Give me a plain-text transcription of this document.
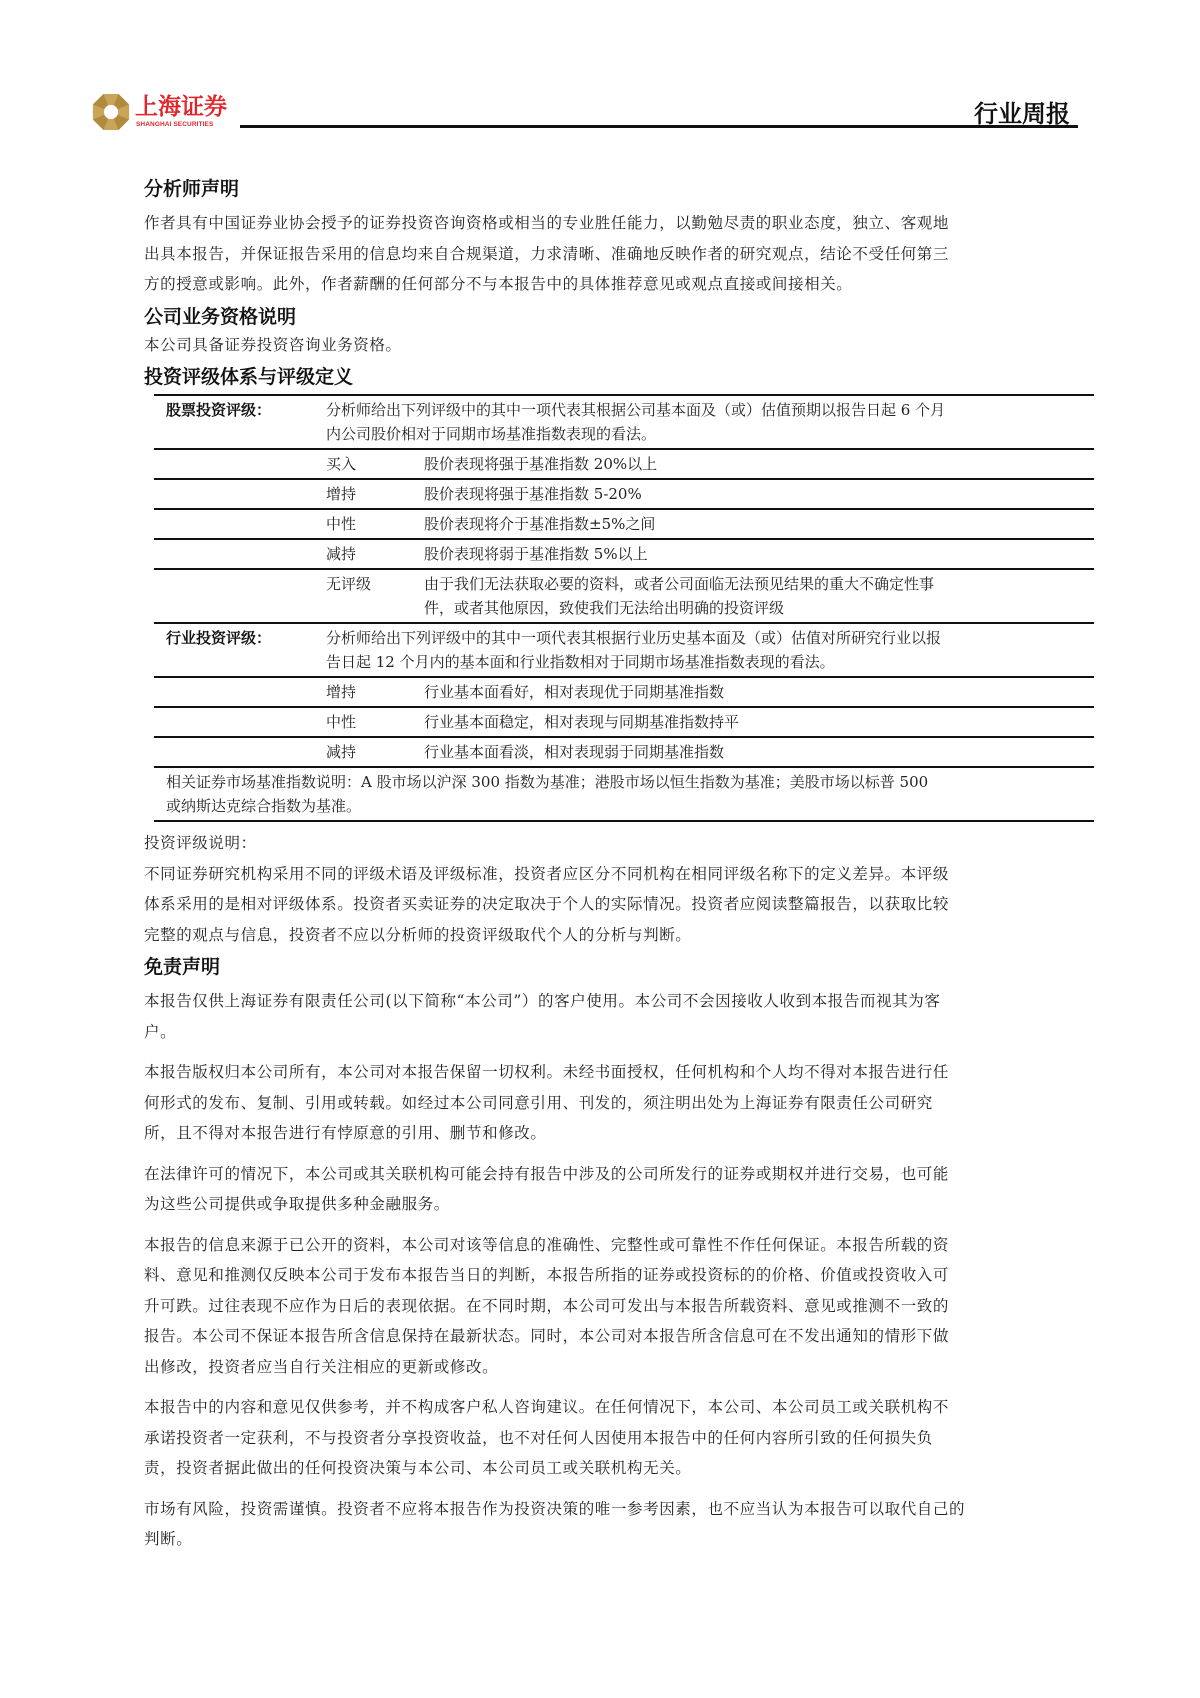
上海证券
SHANGHAI SECURITIES	行业周报
分析师声明

作者具有中国证券业协会授予的证券投资咨询资格或相当的专业胜任能力，以勤勉尽责的职业态度，独立、客观地

出具本报告，并保证报告采用的信息均来自合规渠道，力求清晰、准确地反映作者的研究观点，结论不受任何第三

方的授意或影响。此外，作者薪酬的任何部分不与本报告中的具体推荐意见或观点直接或间接相关。

公司业务资格说明

本公司具备证券投资咨询业务资格。

投资评级体系与评级定义
股票投资评级：	分析师给出下列评级中的其中一项代表其根据公司基本面及（或）估值预期以报告日起 6 个月
内公司股价相对于同期市场基准指数表现的看法。	

	买入	股价表现将强于基准指数 20%以上
	增持	股价表现将强于基准指数 5-20%
	中性	股价表现将介于基准指数±5%之间
	减持	股价表现将弱于基准指数 5%以上
	无评级	由于我们无法获取必要的资料，或者公司面临无法预见结果的重大不确定性事
件，或者其他原因，致使我们无法给出明确的投资评级

行业投资评级：	分析师给出下列评级中的其中一项代表其根据行业历史基本面及（或）估值对所研究行业以报
告日起 12 个月内的基本面和行业指数相对于同期市场基准指数表现的看法。	

	增持	行业基本面看好，相对表现优于同期基准指数
	中性	行业基本面稳定，相对表现与同期基准指数持平
	减持	行业基本面看淡，相对表现弱于同期基准指数

相关证券市场基准指数说明：A 股市场以沪深 300 指数为基准；港股市场以恒生指数为基准；美股市场以标普 500
或纳斯达克综合指数为基准。		

投资评级说明：

不同证券研究机构采用不同的评级术语及评级标准，投资者应区分不同机构在相同评级名称下的定义差异。本评级

体系采用的是相对评级体系。投资者买卖证券的决定取决于个人的实际情况。投资者应阅读整篇报告，以获取比较

完整的观点与信息，投资者不应以分析师的投资评级取代个人的分析与判断。

免责声明

本报告仅供上海证券有限责任公司(以下简称“本公司”）的客户使用。本公司不会因接收人收到本报告而视其为客

户。

本报告版权归本公司所有，本公司对本报告保留一切权利。未经书面授权，任何机构和个人均不得对本报告进行任

何形式的发布、复制、引用或转载。如经过本公司同意引用、刊发的，须注明出处为上海证券有限责任公司研究

所，且不得对本报告进行有悖原意的引用、删节和修改。

在法律许可的情况下，本公司或其关联机构可能会持有报告中涉及的公司所发行的证券或期权并进行交易，也可能

为这些公司提供或争取提供多种金融服务。

本报告的信息来源于已公开的资料，本公司对该等信息的准确性、完整性或可靠性不作任何保证。本报告所载的资

料、意见和推测仅反映本公司于发布本报告当日的判断，本报告所指的证券或投资标的的价格、价值或投资收入可

升可跌。过往表现不应作为日后的表现依据。在不同时期，本公司可发出与本报告所载资料、意见或推测不一致的

报告。本公司不保证本报告所含信息保持在最新状态。同时，本公司对本报告所含信息可在不发出通知的情形下做

出修改，投资者应当自行关注相应的更新或修改。

本报告中的内容和意见仅供参考，并不构成客户私人咨询建议。在任何情况下，本公司、本公司员工或关联机构不

承诺投资者一定获利，不与投资者分享投资收益，也不对任何人因使用本报告中的任何内容所引致的任何损失负

责，投资者据此做出的任何投资决策与本公司、本公司员工或关联机构无关。

市场有风险，投资需谨慎。投资者不应将本报告作为投资决策的唯一参考因素，也不应当认为本报告可以取代自己的

判断。
